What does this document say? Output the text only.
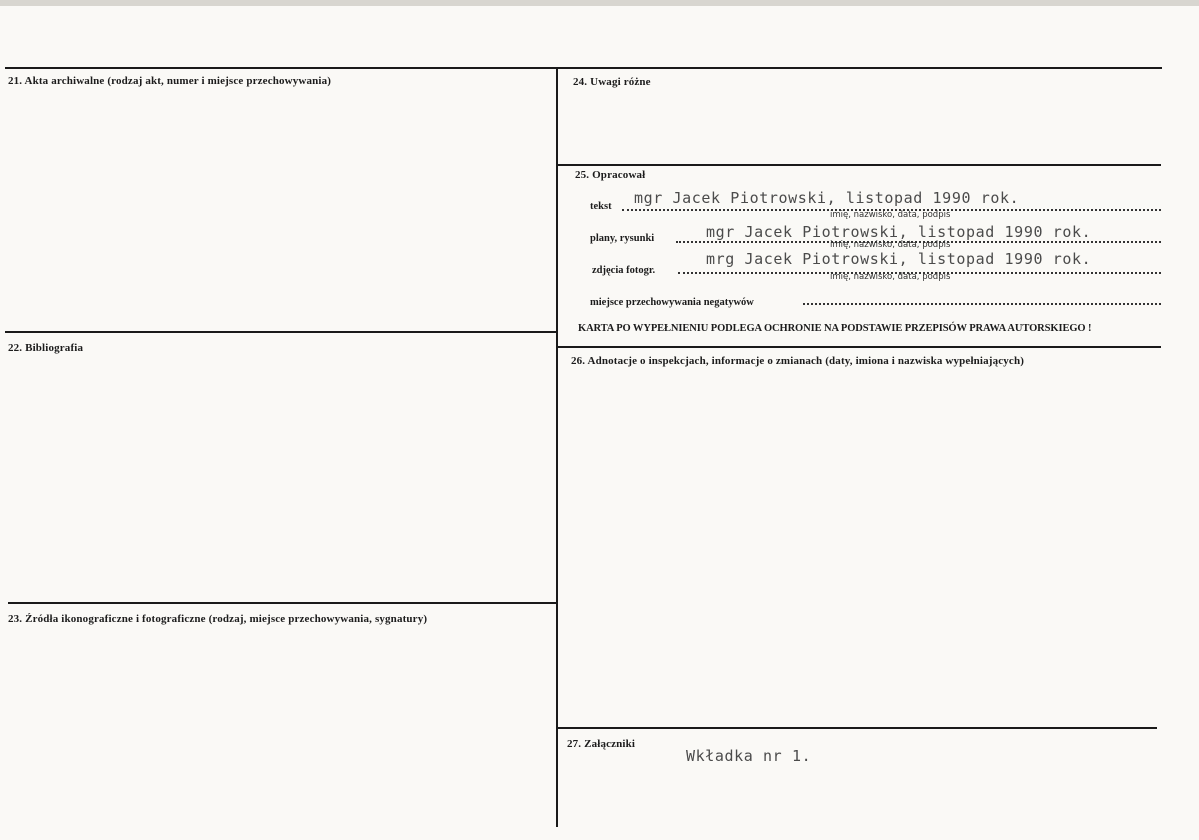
21. Akta archiwalne (rodzaj akt, numer i miejsce przechowywania)
22. Bibliografia
23. Źródła ikonograficzne i fotograficzne (rodzaj, miejsce przechowywania, sygnatury)
24. Uwagi różne
25. Opracował
tekst mgr Jacek Piotrowski, listopad 1990 rok.
imię, nazwisko, data, podpis
plany, rysunki	mgr Jacek Piotrowski, listopad 1990 rok.
imię, nazwisko, data, podpis
zdjęcia fotogr.
mrg Jacek Piotrowski, listopad 1990 rok.
imię, nazwisko, data, podpis
miejsce przechowywania negatywów
KARTA PO WYPEŁNIENIU PODLEGA OCHRONIE NA PODSTAWIE PRZEPISÓW PRAWA AUTORSKIEGO !
26. Adnotacje o inspekcjach, informacje o zmianach (daty, imiona i nazwiska wypełniających)
27. Załączniki
Wkładka nr 1.
